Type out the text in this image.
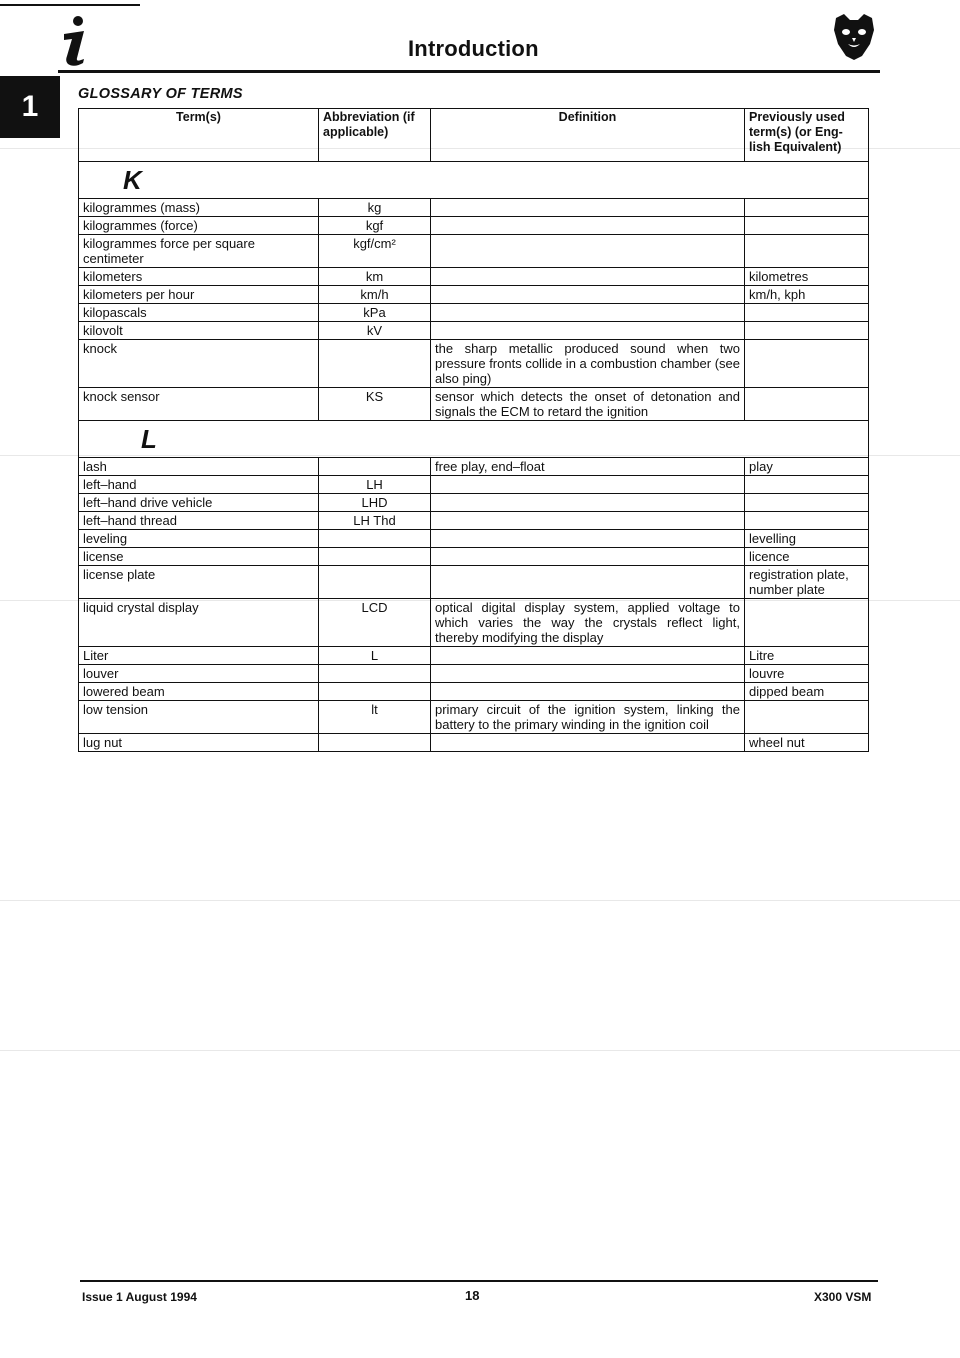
Introduction
1	GLOSSARY OF TERMS
Term(s)	Abbreviation (if applicable)	Definition	Previously used term(s) (or Eng-lish Equivalent)
K			
kilogrammes (mass)	kg		
kilogrammes (force)	kgf		
kilogrammes force per square centimeter	kgf/cm²		
kilometers	km		kilometres
kilometers per hour	km/h		km/h, kph
kilopascals	kPa		
kilovolt	kV		
knock		the sharp metallic produced sound when two pressure fronts collide in a combustion chamber (see also ping)	
knock sensor	KS	sensor which detects the onset of detonation and signals the ECM to retard the ignition	
L			
lash		free play, end–float	play
left–hand	LH		
left–hand drive vehicle	LHD		
left–hand thread	LH Thd		
leveling			levelling
license			licence
license plate			registration plate, number plate
liquid crystal display	LCD	optical digital display system, applied voltage to which varies the way the crystals reflect light, thereby modifying the display	
Liter	L		Litre
louver			louvre
lowered beam			dipped beam
low tension	lt	primary circuit of the ignition system, linking the battery to the primary winding in the ignition coil	
lug nut			wheel nut
Issue 1 August 1994	18	X300 VSM
